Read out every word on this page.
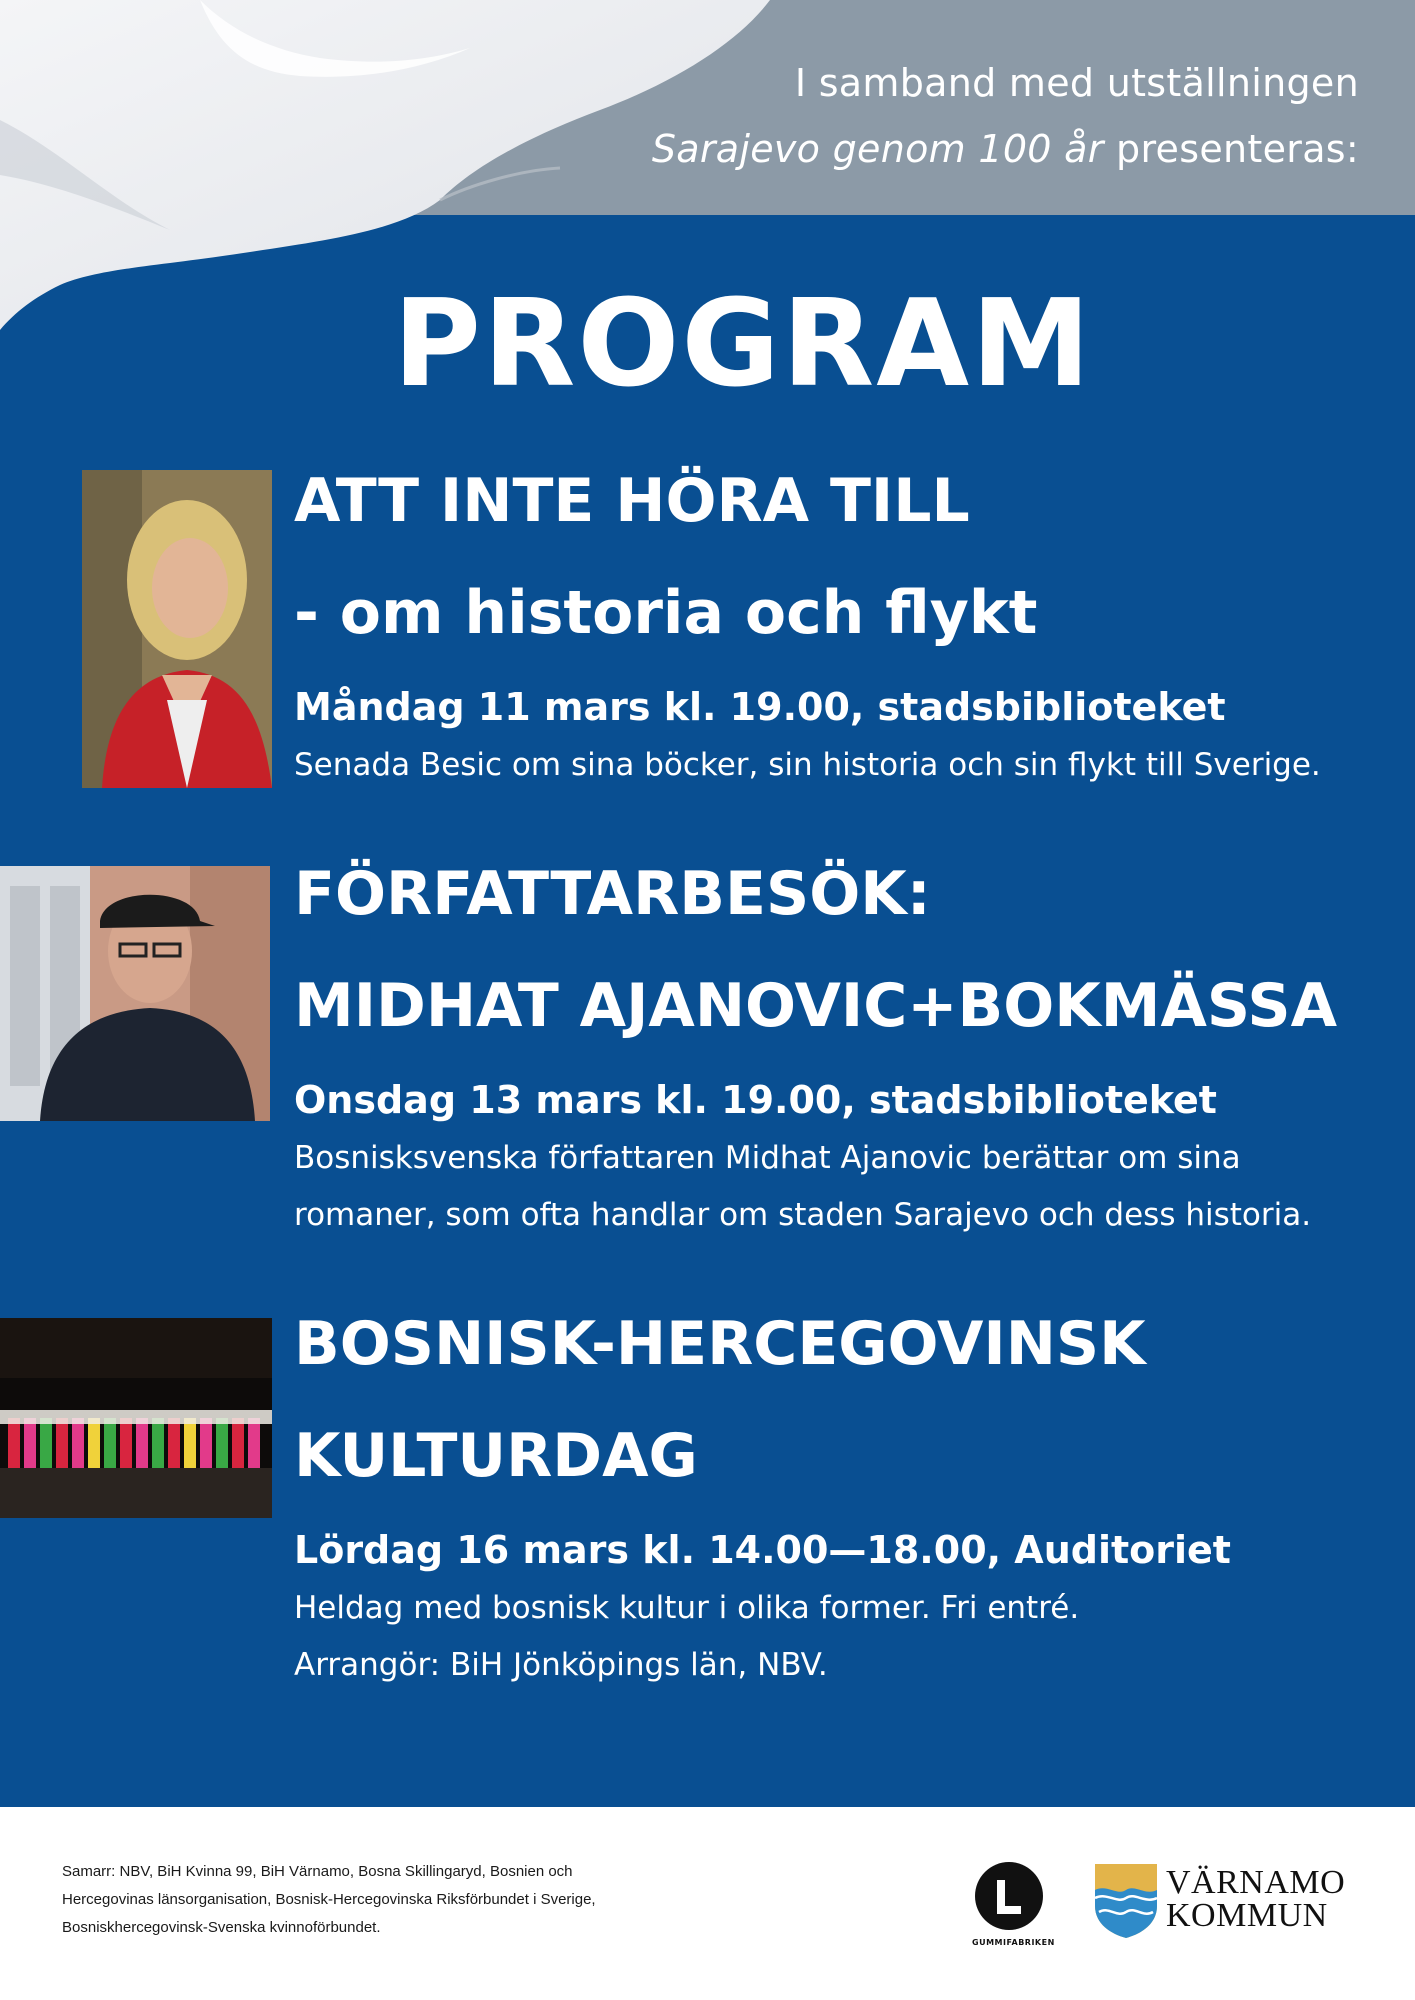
I samband med utställningen
Sarajevo genom 100 år presenteras:
PROGRAM
ATT INTE HÖRA TILL
- om historia och flykt
Måndag 11 mars kl. 19.00, stadsbiblioteket
Senada Besic om sina böcker, sin historia och sin flykt till Sverige.
FÖRFATTARBESÖK:
MIDHAT AJANOVIC+BOKMÄSSA
Onsdag 13 mars kl. 19.00, stadsbiblioteket
Bosnisksvenska författaren Midhat Ajanovic berättar om sina
romaner, som ofta handlar om staden Sarajevo och dess historia.
BOSNISK-HERCEGOVINSK
KULTURDAG
Lördag 16 mars kl. 14.00—18.00, Auditoriet
Heldag med bosnisk kultur i olika former. Fri entré.
Arrangör: BiH Jönköpings län, NBV.
Samarr: NBV, BiH Kvinna 99, BiH Värnamo, Bosna Skillingaryd, Bosnien och
Hercegovinas länsorganisation, Bosnisk-Hercegovinska Riksförbundet i Sverige,
Bosniskhercegovinsk-Svenska kvinnoförbundet.
GUMMIFABRIKEN
VÄRNAMO
KOMMUN
